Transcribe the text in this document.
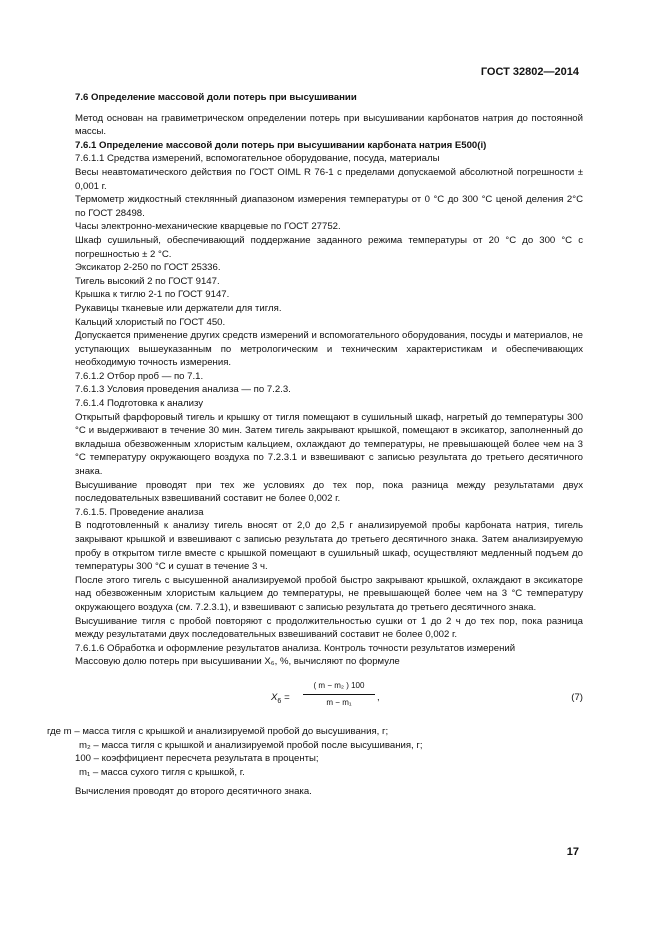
ГОСТ 32802—2014

7.6 Определение массовой доли потерь при высушивании

Метод основан на гравиметрическом определении потерь при высушивании карбонатов натрия до постоянной массы.

7.6.1 Определение массовой доли потерь при высушивании карбоната натрия Е500(i)

7.6.1.1 Средства измерений, вспомогательное оборудование, посуда, материалы

Весы неавтоматического действия по ГОСТ OIML R 76-1 с пределами допускаемой абсолютной погрешности ± 0,001 г.

Термометр жидкостный стеклянный диапазоном измерения температуры от 0 °С до 300 °С ценой деления 2°С по ГОСТ 28498.

Часы электронно-механические кварцевые по ГОСТ 27752.

Шкаф сушильный, обеспечивающий поддержание заданного режима температуры от 20 °С до 300 °С с погрешностью ± 2 °С.

Эксикатор 2-250 по ГОСТ 25336.

Тигель высокий 2 по ГОСТ 9147.

Крышка к тиглю 2-1 по ГОСТ 9147.

Рукавицы тканевые или держатели для тигля.

Кальций хлористый по ГОСТ 450.

Допускается применение других средств измерений и вспомогательного оборудования, посуды и материалов, не уступающих вышеуказанным по метрологическим и техническим характеристикам и обеспечивающих необходимую точность измерения.

7.6.1.2 Отбор проб — по 7.1.

7.6.1.3 Условия проведения анализа — по 7.2.3.

7.6.1.4 Подготовка к анализу

Открытый фарфоровый тигель и крышку от тигля помещают в сушильный шкаф, нагретый до температуры 300 °С и выдерживают в течение 30 мин. Затем тигель закрывают крышкой, помещают в эксикатор, заполненный до вкладыша обезвоженным хлористым кальцием, охлаждают до температуры, не превышающей более чем на 3 °С температуру окружающего воздуха по 7.2.3.1 и взвешивают с записью результата до третьего десятичного знака.

Высушивание проводят при тех же условиях до тех пор, пока разница между результатами двух последовательных взвешиваний составит не более 0,002 г.

7.6.1.5. Проведение анализа

В подготовленный к анализу тигель вносят от 2,0 до 2,5 г анализируемой пробы карбоната натрия, тигель закрывают крышкой и взвешивают с записью результата до третьего десятичного знака. Затем анализируемую пробу в открытом тигле вместе с крышкой помещают в сушильный шкаф, осуществляют медленный подъем до температуры 300 °С и сушат в течение 3 ч.

После этого тигель с высушенной анализируемой пробой быстро закрывают крышкой, охлаждают в эксикаторе над обезвоженным хлористым кальцием до температуры, не превышающей более чем на 3 °С температуру окружающего воздуха (см. 7.2.3.1), и взвешивают с записью результата до третьего десятичного знака.

Высушивание тигля с пробой повторяют с продолжительностью сушки от 1 до 2 ч до тех пор, пока разница между результатами двух последовательных взвешиваний составит не более 0,002 г.

7.6.1.6 Обработка и оформление результатов анализа. Контроль точности результатов измерений

Массовую долю потерь при высушивании X₆, %, вычисляют по формуле

$X_6 = \frac{\text{( m − m₂ ) 100}}{\text{m − m₁}}$ ,	(7)

где m – масса тигля с крышкой и анализируемой пробой до высушивания, г;

m₂ – масса тигля с крышкой и анализируемой пробой после высушивания, г;

100 – коэффициент пересчета результата в проценты;

m₁ – масса сухого тигля с крышкой, г.

Вычисления проводят до второго десятичного знака.

17
